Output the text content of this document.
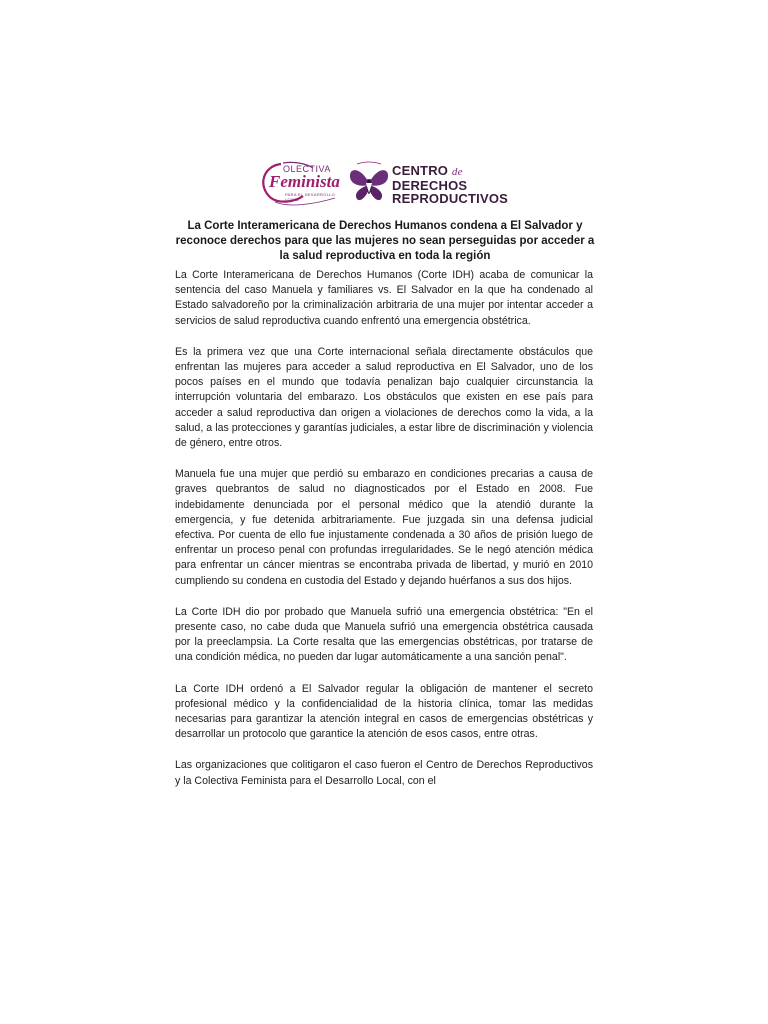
OLECTIVA
Feminista
PARA EL DESARROLLO LOCAL
CENTRO de
DERECHOS
REPRODUCTIVOS
La Corte Interamericana de Derechos Humanos condena a El Salvador y reconoce derechos para que las mujeres no sean perseguidas por acceder a la salud reproductiva en toda la región

La Corte Interamericana de Derechos Humanos (Corte IDH) acaba de comunicar la sentencia del caso Manuela y familiares vs. El Salvador en la que ha condenado al Estado salvadoreño por la criminalización arbitraria de una mujer por intentar acceder a servicios de salud reproductiva cuando enfrentó una emergencia obstétrica.

Es la primera vez que una Corte internacional señala directamente obstáculos que enfrentan las mujeres para acceder a salud reproductiva en El Salvador, uno de los pocos países en el mundo que todavía penalizan bajo cualquier circunstancia la interrupción voluntaria del embarazo. Los obstáculos que existen en ese país para acceder a salud reproductiva dan origen a violaciones de derechos como la vida, a la salud, a las protecciones y garantías judiciales, a estar libre de discriminación y violencia de género, entre otros.

Manuela fue una mujer que perdió su embarazo en condiciones precarias a causa de graves quebrantos de salud no diagnosticados por el Estado en 2008. Fue indebidamente denunciada por el personal médico que la atendió durante la emergencia, y fue detenida arbitrariamente. Fue juzgada sin una defensa judicial efectiva. Por cuenta de ello fue injustamente condenada a 30 años de prisión luego de enfrentar un proceso penal con profundas irregularidades. Se le negó atención médica para enfrentar un cáncer mientras se encontraba privada de libertad, y murió en 2010 cumpliendo su condena en custodia del Estado y dejando huérfanos a sus dos hijos.

La Corte IDH dio por probado que Manuela sufrió una emergencia obstétrica: "En el presente caso, no cabe duda que Manuela sufrió una emergencia obstétrica causada por la preeclampsia. La Corte resalta que las emergencias obstétricas, por tratarse de una condición médica, no pueden dar lugar automáticamente a una sanción penal".

La Corte IDH ordenó a El Salvador regular la obligación de mantener el secreto profesional médico y la confidencialidad de la historia clínica, tomar las medidas necesarias para garantizar la atención integral en casos de emergencias obstétricas y desarrollar un protocolo que garantice la atención de esos casos, entre otras.

Las organizaciones que colitigaron el caso fueron el Centro de Derechos Reproductivos y la Colectiva Feminista para el Desarrollo Local, con el
